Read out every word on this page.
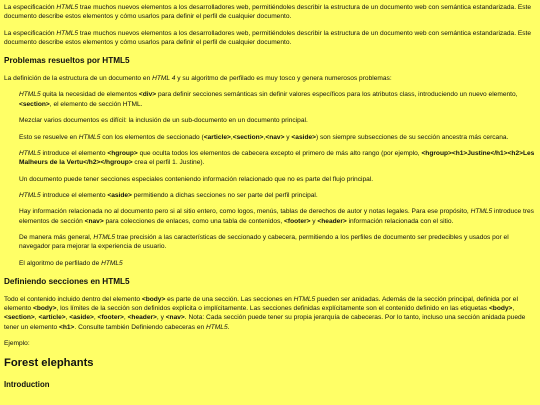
La especificación HTML5 trae muchos nuevos elementos a los desarrolladores web, permitiéndoles describir la estructura de un documento web con semántica estandarizada. Este documento describe estos elementos y cómo usarlos para definir el perfil de cualquier documento.

La especificación HTML5 trae muchos nuevos elementos a los desarrolladores web, permitiéndoles describir la estructura de un documento web con semántica estandarizada. Este documento describe estos elementos y cómo usarlos para definir el perfil de cualquier documento.

Problemas resueltos por HTML5

La definición de la estructura de un documento en HTML 4 y su algoritmo de perfilado es muy tosco y genera numerosos problemas:

HTML5 quita la necesidad de elementos <div> para definir secciones semánticas sin definir valores específicos para los atributos class, introduciendo un nuevo elemento, <section>, el elemento de sección HTML.

Mezclar varios documentos es difícil: la inclusión de un sub-documento en un documento principal.

Esto se resuelve en HTML5 con los elementos de seccionado (<article>,<section>,<nav> y <aside>) son siempre subsecciones de su sección ancestra más cercana.

HTML5 introduce el elemento <hgroup> que oculta todos los elementos de cabecera excepto el primero de más alto rango (por ejemplo, <hgroup><h1>Justine</h1><h2>Les Malheurs de la Vertu</h2></hgroup> crea el perfil 1. Justine).

Un documento puede tener secciones especiales conteniendo información relacionado que no es parte del flujo principal.

HTML5 introduce el elemento <aside> permitiendo a dichas secciones no ser parte del perfil principal.

Hay información relacionada no al documento pero si al sitio entero, como logos, menús, tablas de derechos de autor y notas legales. Para ese propósito, HTML5 introduce tres elementos de sección <nav> para colecciones de enlaces, como una tabla de contenidos, <footer> y <header> información relacionada con el sitio.

De manera más general, HTML5 trae precisión a las características de seccionado y cabecera, permitiendo a los perfiles de documento ser predecibles y usados por el navegador para mejorar la experiencia de usuario.

El algoritmo de perfilado de HTML5

Definiendo secciones en HTML5

Todo el contenido incluido dentro del elemento <body> es parte de una sección. Las secciones en HTML5 pueden ser anidadas. Además de la sección principal, definida por el elemento <body>, los límites de la sección son definidos explícita o implícitamente. Las secciones definidas explícitamente son el contenido definido en las etiquetas <body>, <section>, <article>, <aside>, <footer>, <header>, y <nav>. Nota: Cada sección puede tener su propia jerarquía de cabeceras. Por lo tanto, incluso una sección anidada puede tener un elemento <h1>. Consulte también Definiendo cabeceras en HTML5.

Ejemplo:

Forest elephants
Introduction
